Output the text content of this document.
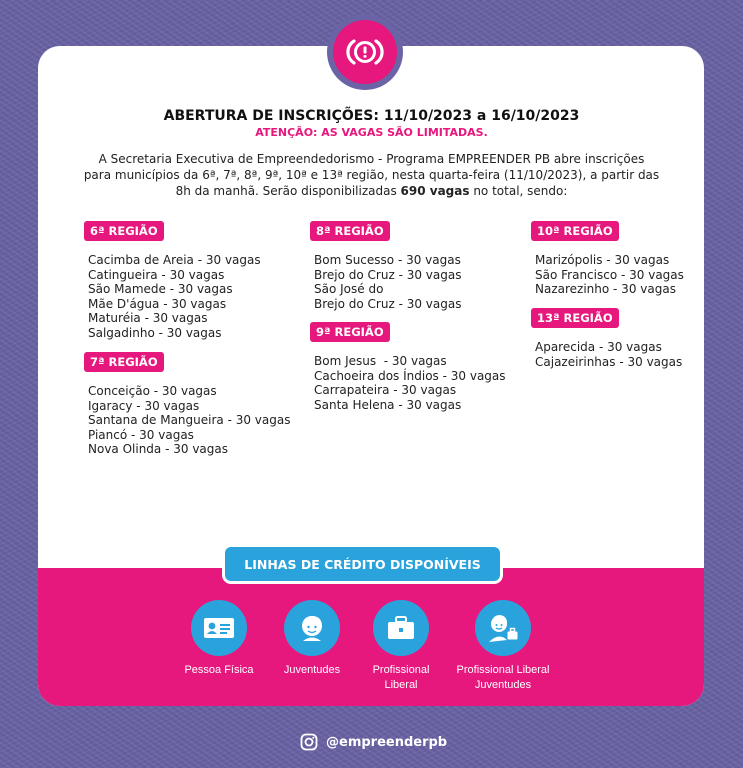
ABERTURA DE INSCRIÇÕES: 11/10/2023 a 16/10/2023
ATENÇÃO: AS VAGAS SÃO LIMITADAS.
A Secretaria Executiva de Empreendedorismo - Programa EMPREENDER PB abre inscrições
para municípios da 6ª, 7ª, 8ª, 9ª, 10ª e 13ª região, nesta quarta-feira (11/10/2023), a partir das
8h da manhã. Serão disponibilizadas 690 vagas no total, sendo:
6ª REGIÃO
Cacimba de Areia - 30 vagas
Catingueira - 30 vagas
São Mamede - 30 vagas
Mãe D'água - 30 vagas
Maturéia - 30 vagas
Salgadinho - 30 vagas
7ª REGIÃO
Conceição - 30 vagas
Igaracy - 30 vagas
Santana de Mangueira - 30 vagas
Piancó - 30 vagas
Nova Olinda - 30 vagas
8ª REGIÃO
Bom Sucesso - 30 vagas
Brejo do Cruz - 30 vagas
São José do
Brejo do Cruz - 30 vagas
9ª REGIÃO
Bom Jesus  - 30 vagas
Cachoeira dos Índios - 30 vagas
Carrapateira - 30 vagas
Santa Helena - 30 vagas
10ª REGIÃO
Marizópolis - 30 vagas
São Francisco - 30 vagas
Nazarezinho - 30 vagas
13ª REGIÃO
Aparecida - 30 vagas
Cajazeirinhas - 30 vagas
LINHAS DE CRÉDITO DISPONÍVEIS
Pessoa Física	Juventudes	Profissional
Liberal
Profissional Liberal
Juventudes
@empreenderpb
